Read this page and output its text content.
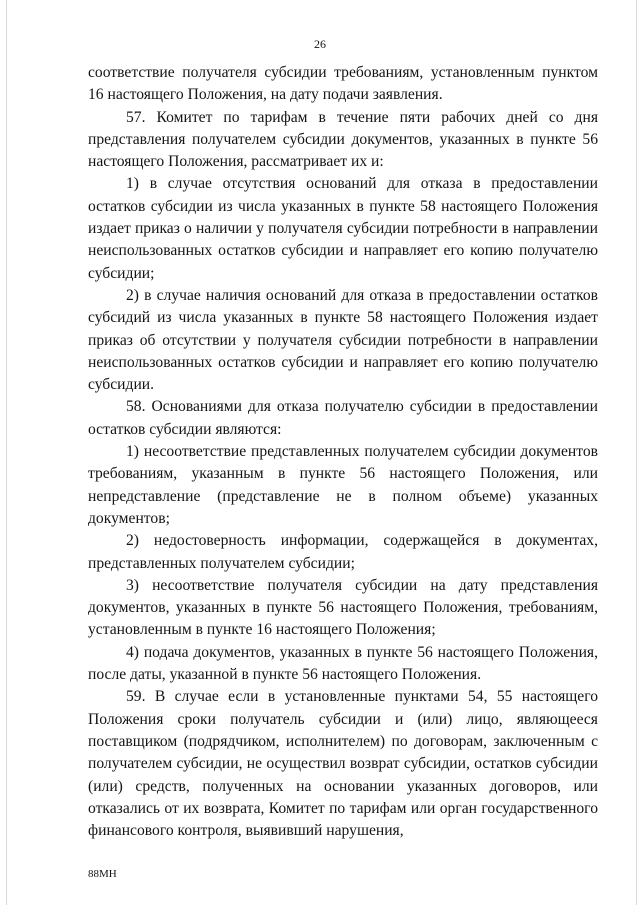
26

соответствие получателя субсидии требованиям, установленным пунктом 16 настоящего Положения, на дату подачи заявления.

57. Комитет по тарифам в течение пяти рабочих дней со дня представления получателем субсидии документов, указанных в пункте 56 настоящего Положения, рассматривает их и:

1) в случае отсутствия оснований для отказа в предоставлении остатков субсидии из числа указанных в пункте 58 настоящего Положения издает приказ о наличии у получателя субсидии потребности в направлении неиспользованных остатков субсидии и направляет его копию получателю субсидии;

2) в случае наличия оснований для отказа в предоставлении остатков субсидий из числа указанных в пункте 58 настоящего Положения издает приказ об отсутствии у получателя субсидии потребности в направлении неиспользованных остатков субсидии и направляет его копию получателю субсидии.

58. Основаниями для отказа получателю субсидии в предоставлении остатков субсидии являются:

1) несоответствие представленных получателем субсидии документов требованиям, указанным в пункте 56 настоящего Положения, или непредставление (представление не в полном объеме) указанных документов;

2) недостоверность информации, содержащейся в документах, представленных получателем субсидии;

3) несоответствие получателя субсидии на дату представления документов, указанных в пункте 56 настоящего Положения, требованиям, установленным в пункте 16 настоящего Положения;

4) подача документов, указанных в пункте 56 настоящего Положения, после даты, указанной в пункте 56 настоящего Положения.

59. В случае если в установленные пунктами 54, 55 настоящего Положения сроки получатель субсидии и (или) лицо, являющееся поставщиком (подрядчиком, исполнителем) по договорам, заключенным с получателем субсидии, не осуществил возврат субсидии, остатков субсидии (или) средств, полученных на основании указанных договоров, или отказались от их возврата, Комитет по тарифам или орган государственного финансового контроля, выявивший нарушения,

88МН
